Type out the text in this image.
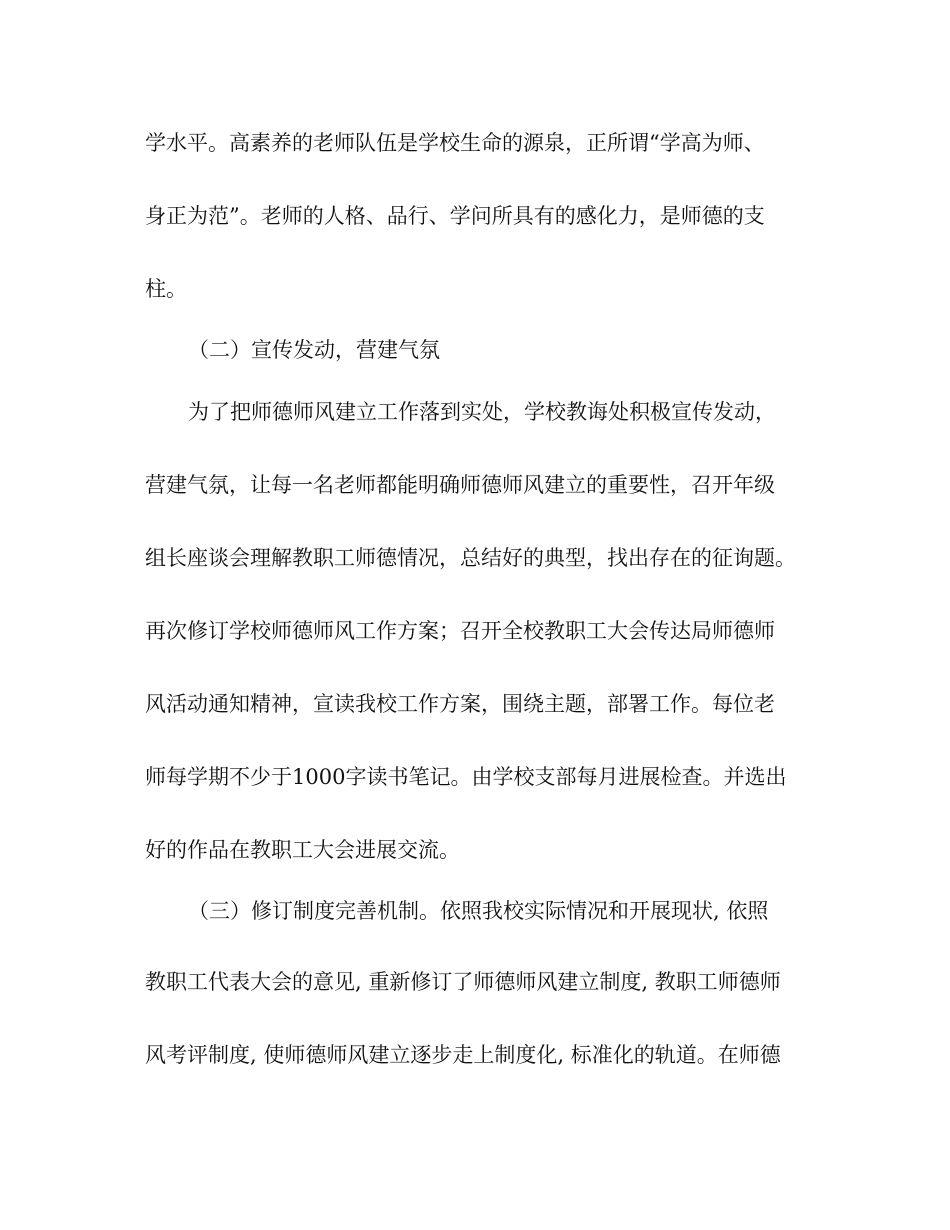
学水平。高素养的老师队伍是学校生命的源泉，正所谓“学高为师、

身正为范”。老师的人格、品行、学问所具有的感化力，是师德的支

柱。

（二）宣传发动，营建气氛

为了把师德师风建立工作落到实处，学校教诲处积极宣传发动，

营建气氛，让每一名老师都能明确师德师风建立的重要性，召开年级

组长座谈会理解教职工师德情况，总结好的典型，找出存在的征询题。

再次修订学校师德师风工作方案；召开全校教职工大会传达局师德师

风活动通知精神，宣读我校工作方案，围绕主题，部署工作。每位老

师每学期不少于1000字读书笔记。由学校支部每月进展检查。并选出

好的作品在教职工大会进展交流。

（三）修订制度完善机制。依照我校实际情况和开展现状, 依照

教职工代表大会的意见, 重新修订了师德师风建立制度, 教职工师德师

风考评制度, 使师德师风建立逐步走上制度化, 标准化的轨道。在师德
